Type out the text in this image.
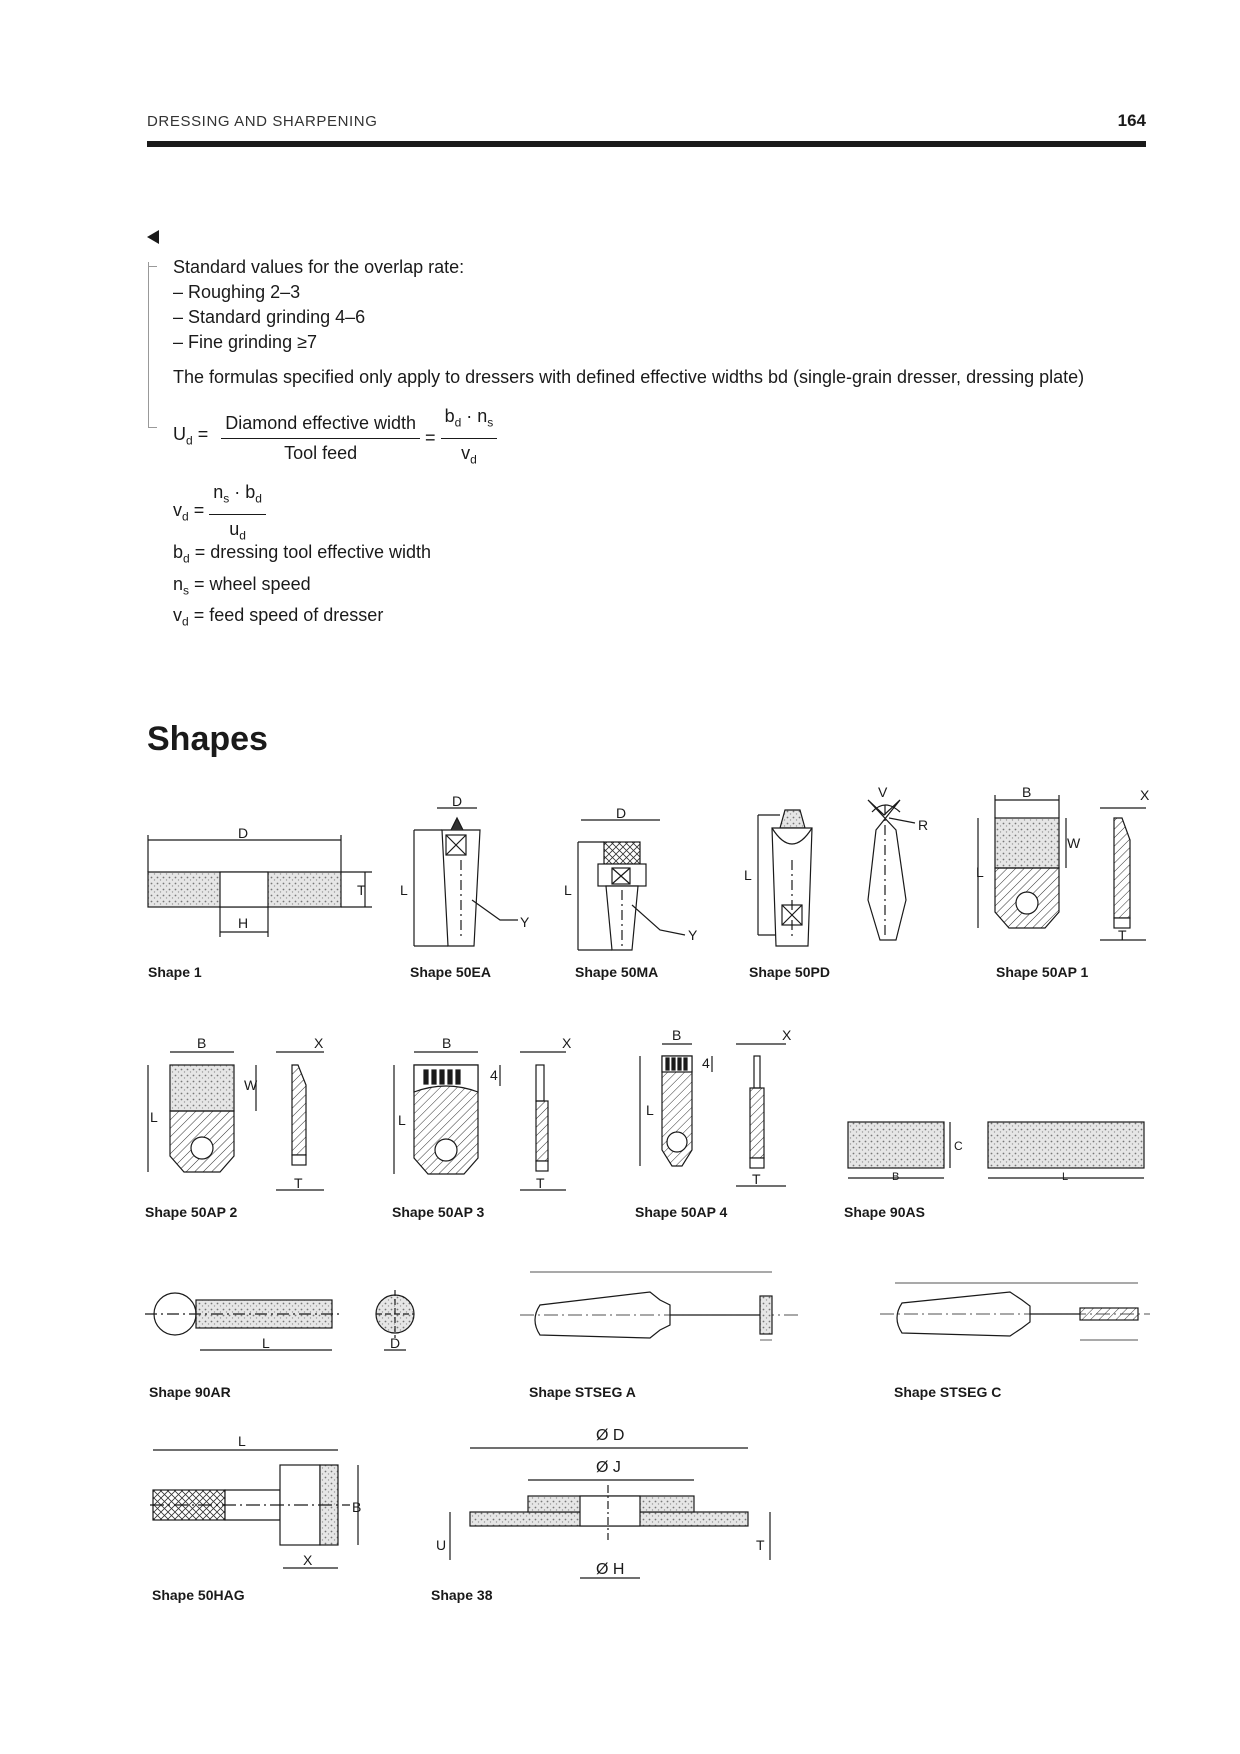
DRESSING AND SHARPENING	164
Standard values for the overlap rate:
– Roughing 2–3
– Standard grinding 4–6
– Fine grinding ≥7
The formulas specified only apply to dressers with defined effective widths bd (single-grain dresser, dressing plate)
$U_d = \frac{\text{Diamond effective width}}{\text{Tool feed}} = \frac{b_d \cdot n_s}{v_d}$
$v_d = \frac{n_s \cdot b_d}{u_d}$
$b_d$ = dressing tool effective width
$n_s$ = wheel speed
$v_d$ = feed speed of dresser
Shapes
D
H
T
D
L
Y
D
L
Y
L
V
R
B
L
W
X
T
B
L
W
X
T
B
L
4
X
T
B
L
4
X
T	B
C
L
L	D
L
B
X
Ø D
Ø J
Ø H
U	T
Shape 1	Shape 50EA	Shape 50MA	Shape 50PD	Shape 50AP 1
Shape 50AP 2	Shape 50AP 3	Shape 50AP 4	Shape 90AS
Shape 90AR	Shape STSEG A	Shape STSEG C
Shape 50HAG	Shape 38
